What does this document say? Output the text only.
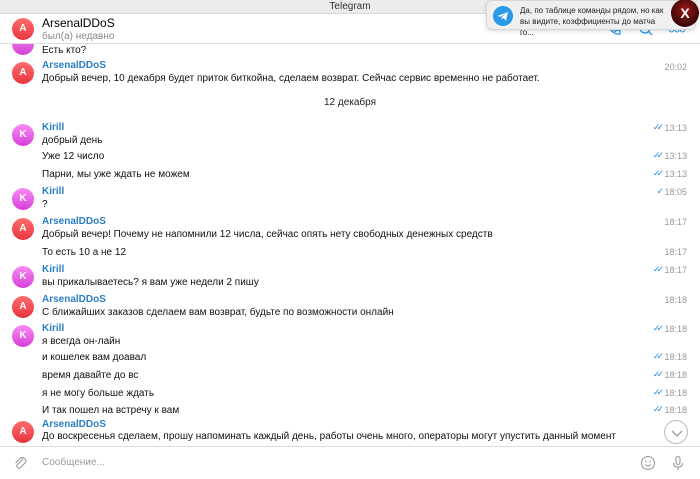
Telegram
A	ArsenalDDoS
был(а) недавно
Да, по таблице команды рядом, но как вы видите, коэффициенты до матча го...
X
Есть кто?
A
ArsenalDDoS
Добрый вечер, 10 декабря будет приток биткойна, сделаем возврат. Сейчас сервис временно не работает.
20:02
12 декабря
K
Kirill
добрый день
✓✓ 13:13
Уже 12 число	✓✓ 13:13
Парни, мы уже ждать не можем	✓✓ 13:13
K
Kirill
?
✓ 18:05
A
ArsenalDDoS
Добрый вечер! Почему не напомнили 12 числа, сейчас опять нету свободных денежных средств
18:17
То есть 10 а не 12	18:17
K
Kirill
вы прикалываетесь? я вам уже недели 2 пишу
✓✓ 18:17
A
ArsenalDDoS
С ближайших заказов сделаем вам возврат, будьте по возможности онлайн
18:18
K
Kirill
я всегда он-лайн
✓✓ 18:18
и кошелек вам доавал	✓✓ 18:18
время давайте до вс	✓✓ 18:18
я не могу больше ждать	✓✓ 18:18
И так пошел на встречу к вам	✓✓ 18:18
A
ArsenalDDoS
До воскресенья сделаем, прошу напоминать каждый день, работы очень много, операторы могут упустить данный момент
Сообщение...
